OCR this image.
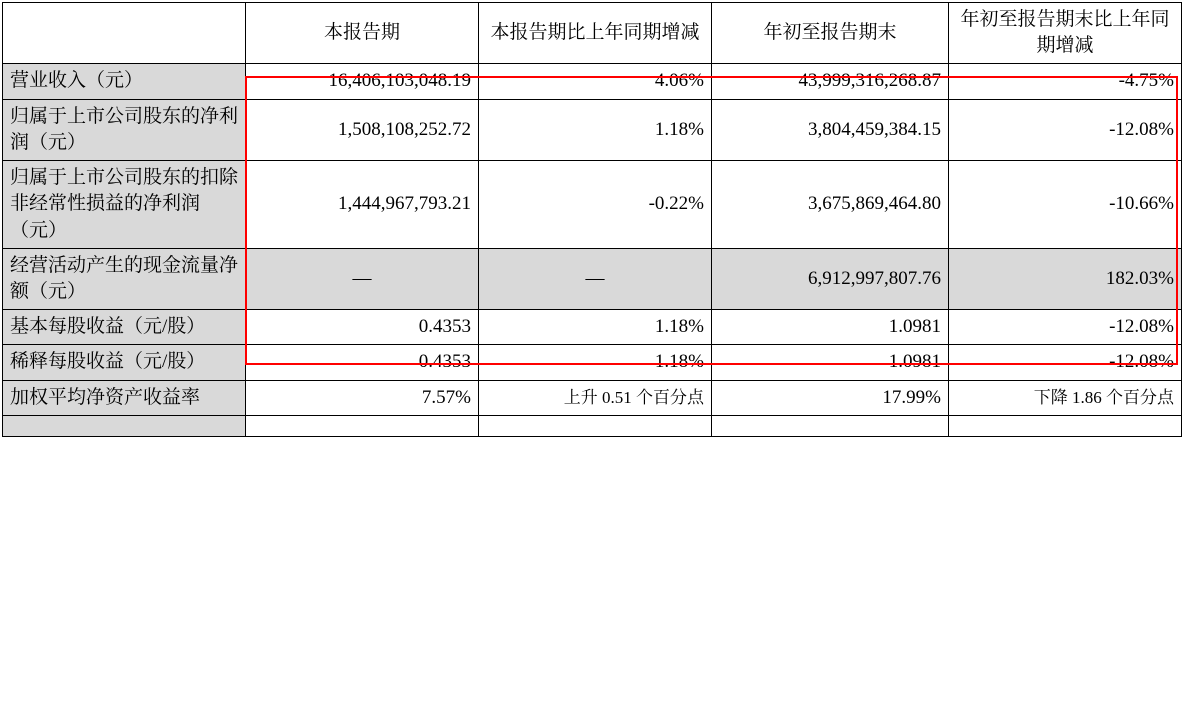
	本报告期	本报告期比上年同期增减	年初至报告期末	年初至报告期末比上年同期增减
营业收入（元）	16,406,103,048.19	4.06%	43,999,316,268.87	-4.75%
归属于上市公司股东的净利润（元）	1,508,108,252.72	1.18%	3,804,459,384.15	-12.08%
归属于上市公司股东的扣除非经常性损益的净利润（元）	1,444,967,793.21	-0.22%	3,675,869,464.80	-10.66%
经营活动产生的现金流量净额（元）	—	—	6,912,997,807.76	182.03%
基本每股收益（元/股）	0.4353	1.18%	1.0981	-12.08%
稀释每股收益（元/股）	0.4353	1.18%	1.0981	-12.08%
加权平均净资产收益率	7.57%	上升 0.51 个百分点	17.99%	下降 1.86 个百分点
